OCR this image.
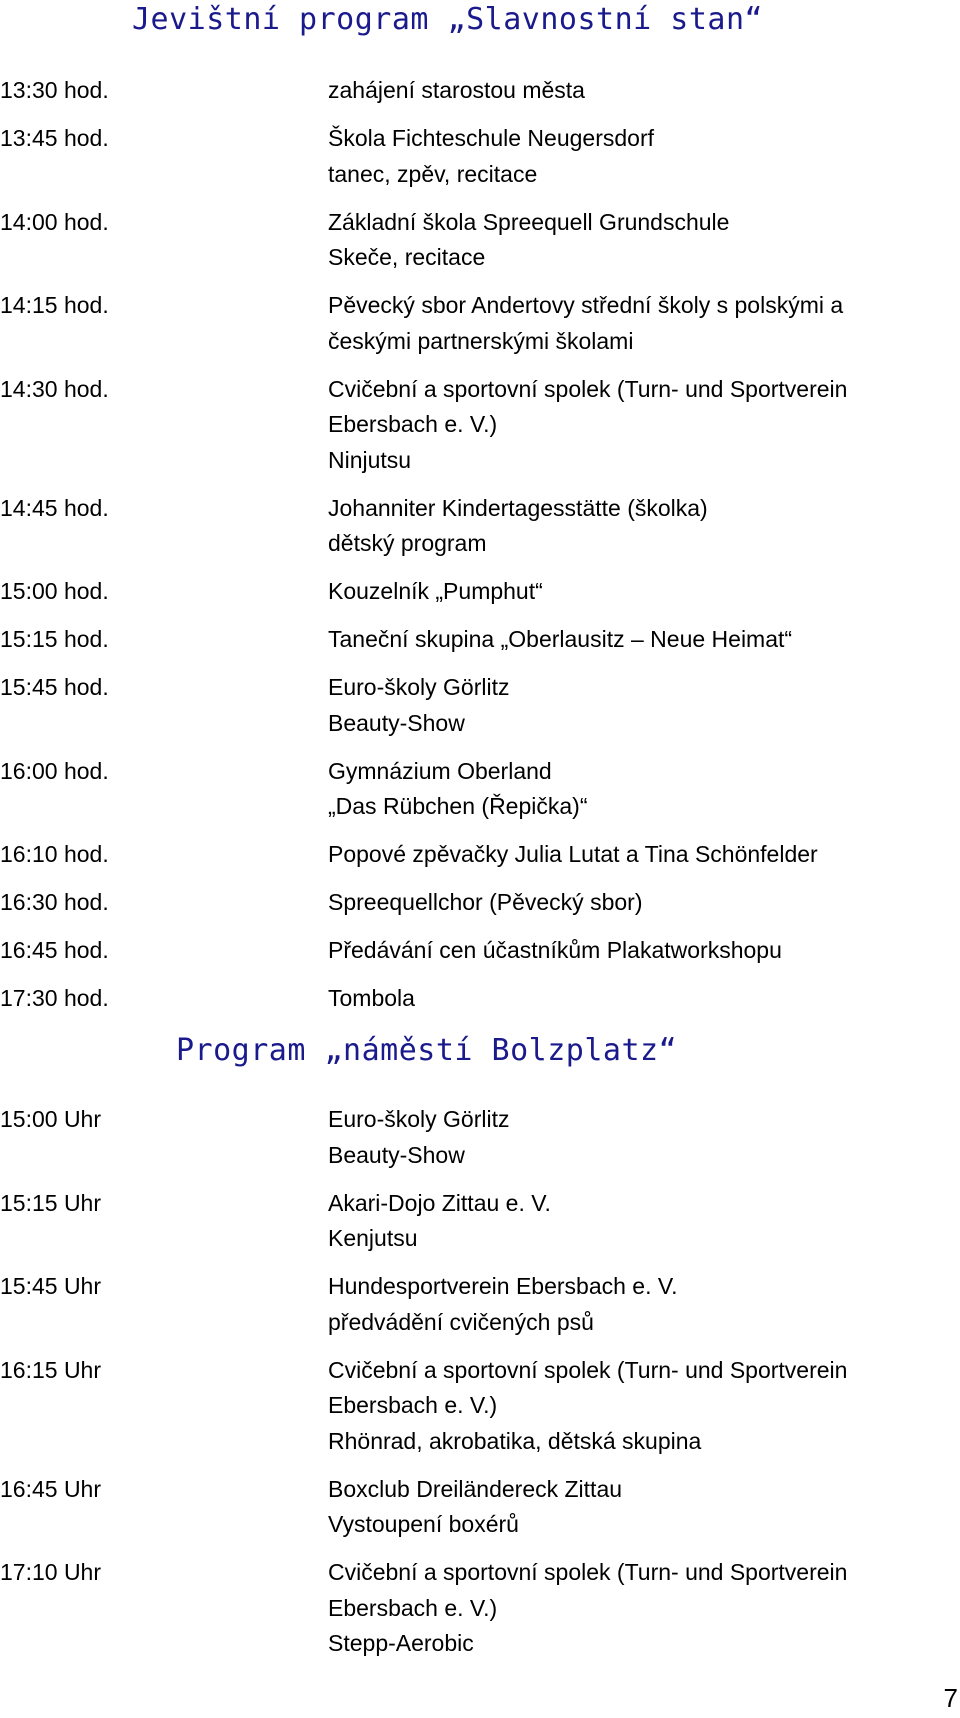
Jevištní program „Slavnostní stan“
13:30 hod.	zahájení starostou města
13:45 hod.	Škola Fichteschule Neugersdorf
tanec, zpěv, recitace
14:00 hod.	Základní škola Spreequell Grundschule
Skeče, recitace
14:15 hod.	Pěvecký sbor Andertovy střední školy s polskými a
českými partnerskými školami
14:30 hod.	Cvičební a sportovní spolek (Turn- und Sportverein
Ebersbach e. V.)
Ninjutsu
14:45 hod.	Johanniter Kindertagesstätte (školka)
dětský program
15:00 hod.	Kouzelník „Pumphut“
15:15 hod.	Taneční skupina „Oberlausitz – Neue Heimat“
15:45 hod.	Euro-školy Görlitz
Beauty-Show
16:00 hod.	Gymnázium Oberland
„Das Rübchen (Řepička)“
16:10 hod.	Popové zpěvačky Julia Lutat a Tina Schönfelder
16:30 hod.	Spreequellchor (Pěvecký sbor)
16:45 hod.	Předávání cen účastníkům Plakatworkshopu
17:30 hod.	Tombola
Program „náměstí Bolzplatz“
15:00 Uhr	Euro-školy Görlitz
Beauty-Show
15:15 Uhr	Akari-Dojo Zittau e. V.
Kenjutsu
15:45 Uhr	Hundesportverein Ebersbach e. V.
předvádění cvičených psů
16:15 Uhr	Cvičební a sportovní spolek (Turn- und Sportverein
Ebersbach e. V.)
Rhönrad, akrobatika, dětská skupina
16:45 Uhr	Boxclub Dreiländereck Zittau
Vystoupení boxérů
17:10 Uhr	Cvičební a sportovní spolek (Turn- und Sportverein
Ebersbach e. V.)
Stepp-Aerobic
7
